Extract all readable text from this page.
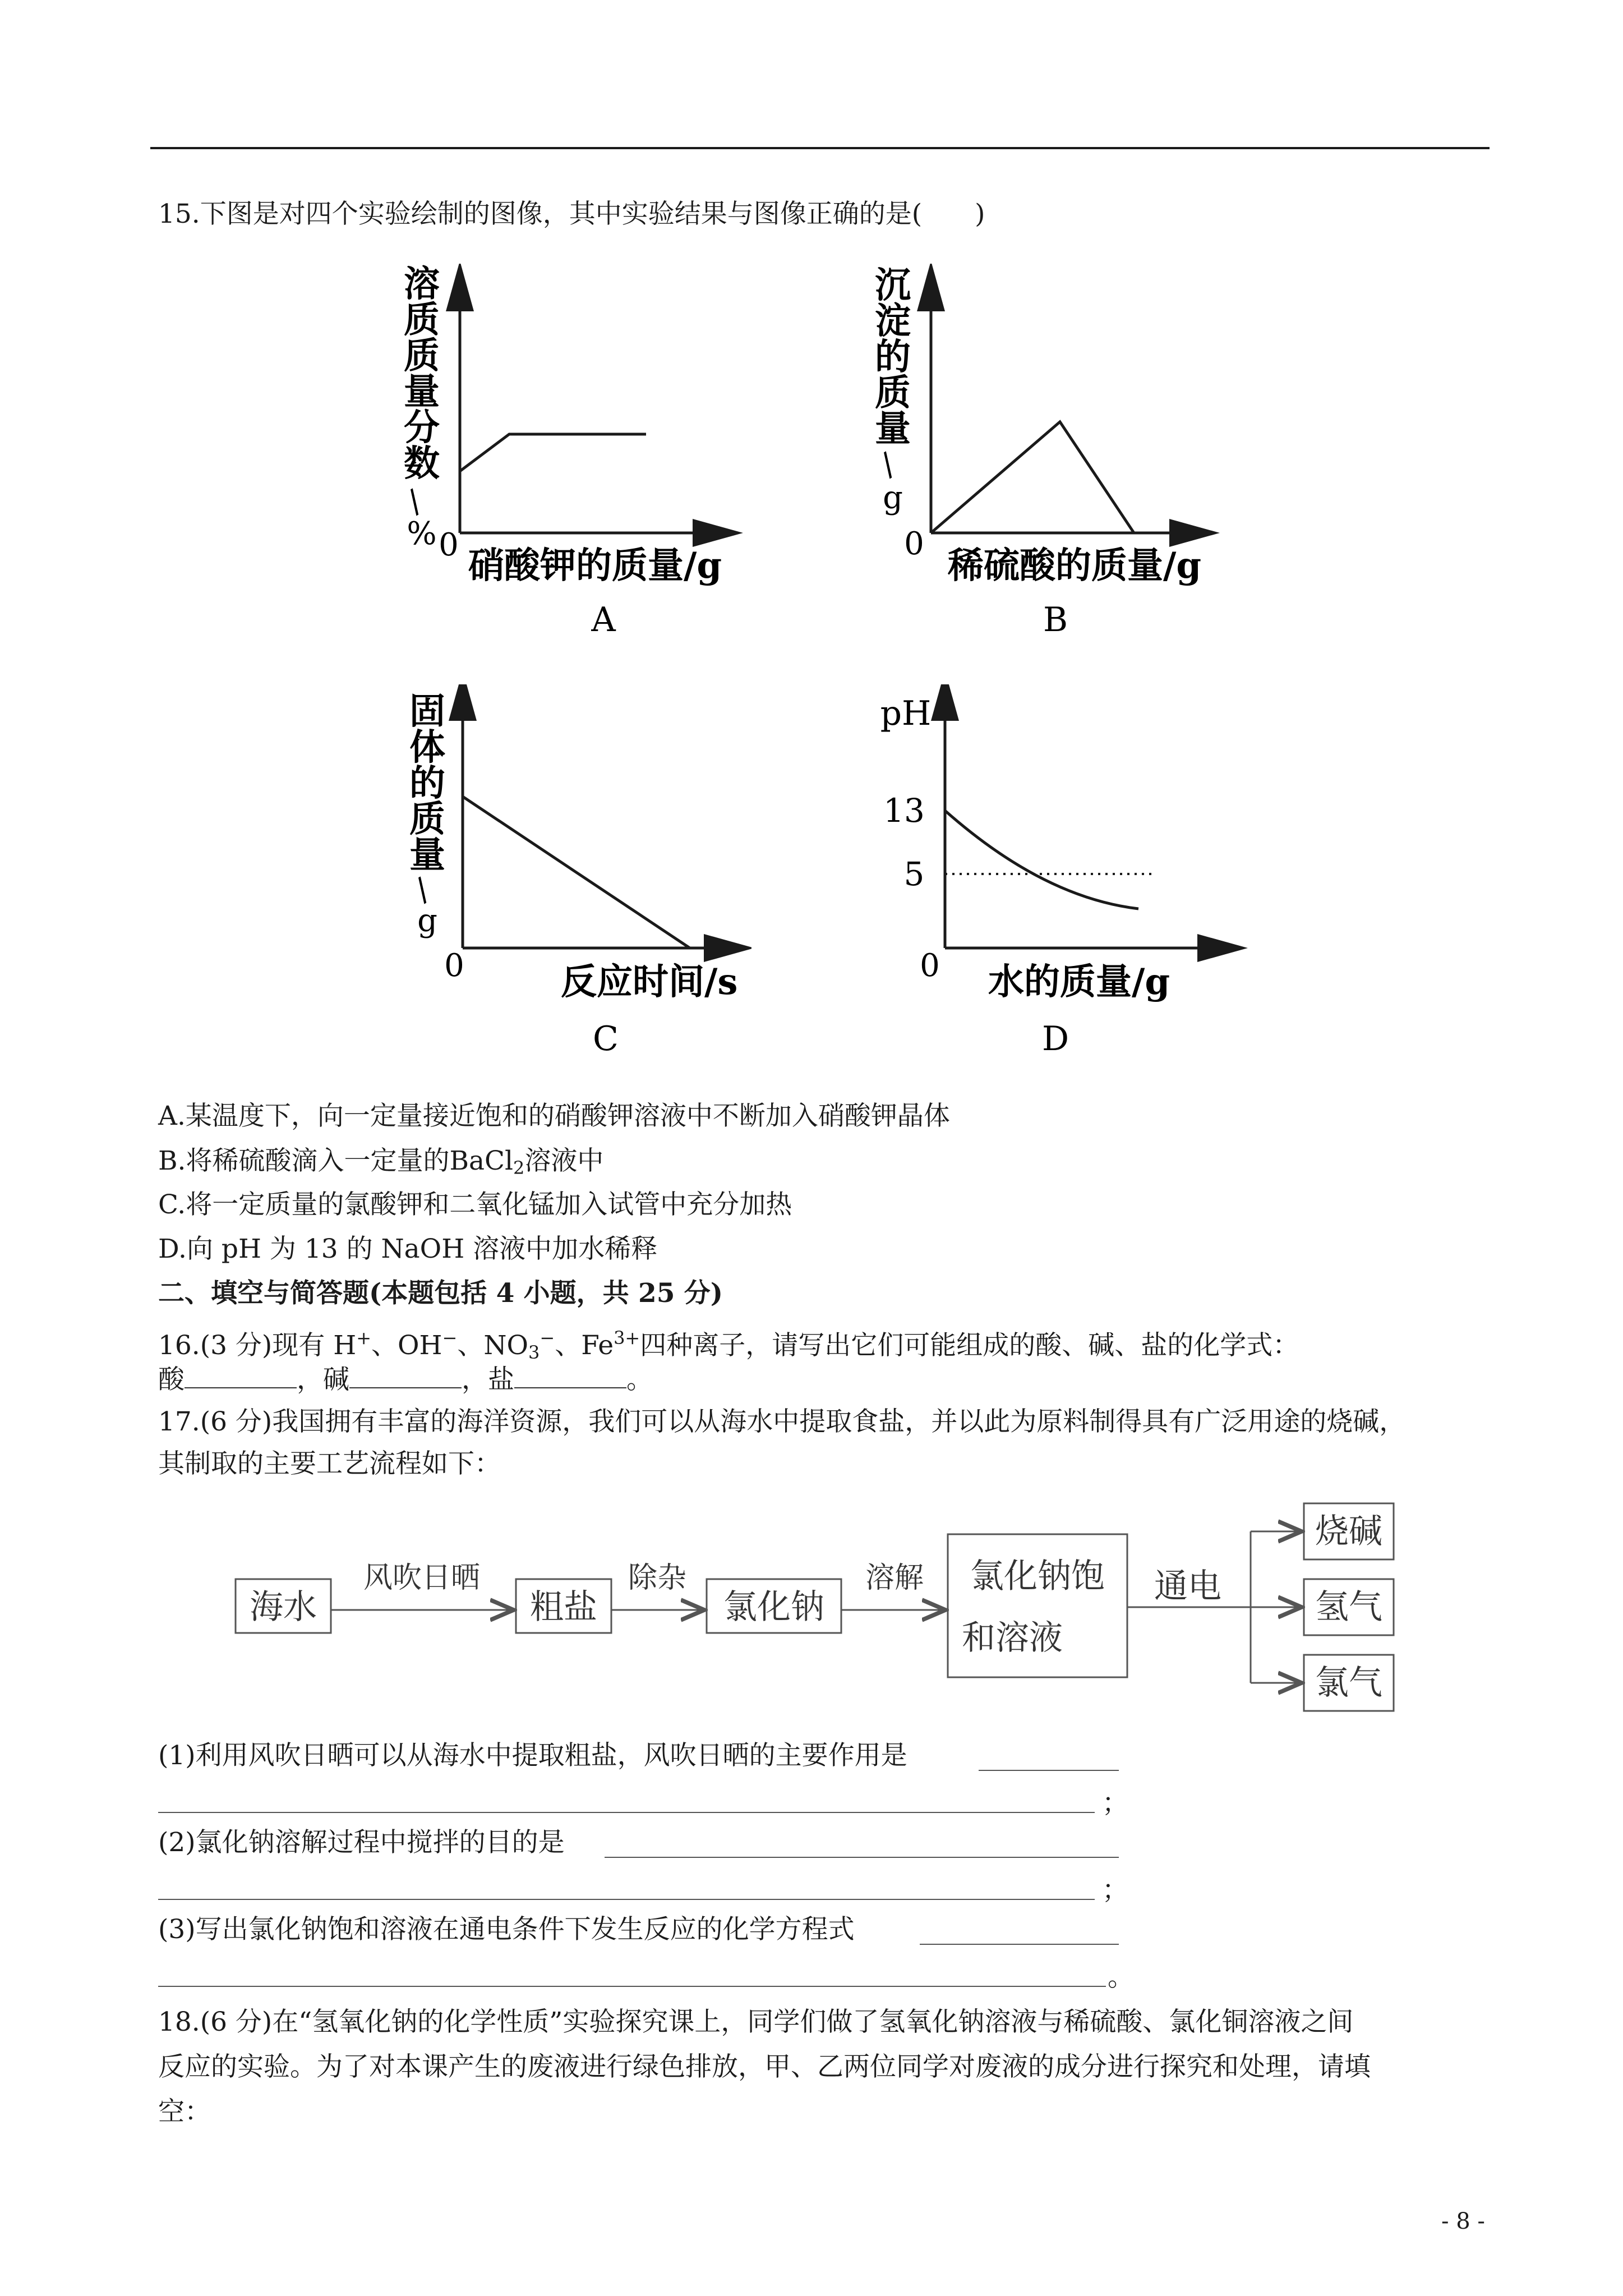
15.下图是对四个实验绘制的图像，其中实验结果与图像正确的是(　　)
溶
质
质
量
分
数
/
% 0 硝酸钾的质量/g
A
沉
淀
的
质
量
/
g
0
稀硫酸的质量/g
B
固
体
的
质
量
/
g
0	反应时间/s
C
pH
13
5
0 水的质量/g
D
A.某温度下，向一定量接近饱和的硝酸钾溶液中不断加入硝酸钾晶体
B.将稀硫酸滴入一定量的BaCl$_2$溶液中
C.将一定质量的氯酸钾和二氧化锰加入试管中充分加热
D.向 pH 为 13 的 NaOH 溶液中加水稀释
二、填空与简答题(本题包括 4 小题，共 25 分)
16.(3 分)现有 H+、OH−、$NO_3^-$、$Fe^{3+}$四种离子，请写出它们可能组成的酸、碱、盐的化学式：
酸	，碱	，盐	。
17.(6 分)我国拥有丰富的海洋资源，我们可以从海水中提取食盐，并以此为原料制得具有广泛用途的烧碱，
其制取的主要工艺流程如下：
海水
风吹日晒
粗盐
除杂
氯化钠
溶解 氯化钠饱
和溶液
通电
烧碱
氢气
氯气
(1)利用风吹日晒可以从海水中提取粗盐，风吹日晒的主要作用是
；
(2)氯化钠溶解过程中搅拌的目的是
；
(3)写出氯化钠饱和溶液在通电条件下发生反应的化学方程式
。
18.(6 分)在“氢氧化钠的化学性质”实验探究课上，同学们做了氢氧化钠溶液与稀硫酸、氯化铜溶液之间
反应的实验。为了对本课产生的废液进行绿色排放，甲、乙两位同学对废液的成分进行探究和处理，请填
空：
- 8 -
